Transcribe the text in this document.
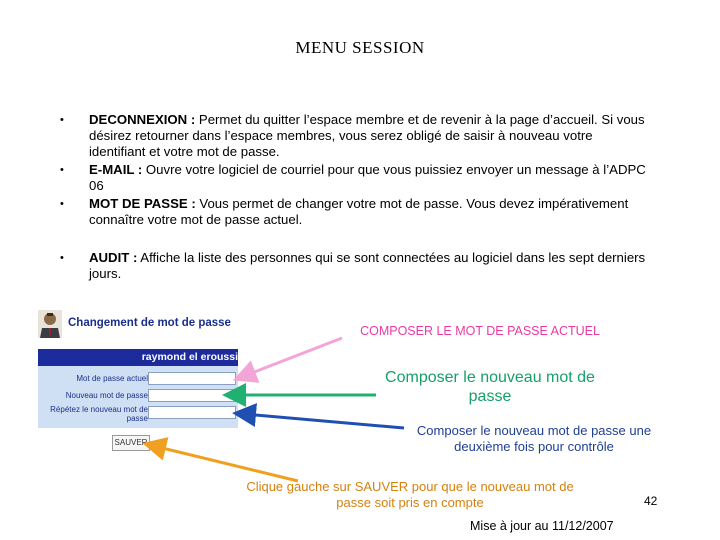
MENU SESSION
• DECONNEXION : Permet du quitter l’espace membre et de revenir à la page d’accueil. Si vous désirez retourner dans l’espace membres, vous serez obligé de saisir à nouveau votre identifiant et votre mot de passe.
• E-MAIL : Ouvre votre logiciel de courriel pour que vous puissiez envoyer un message à l’ADPC 06
• MOT DE PASSE : Vous permet de changer votre mot de passe. Vous devez impérativement connaître votre mot de passe actuel.
• AUDIT : Affiche la liste des personnes qui se sont connectées au logiciel dans les sept derniers jours.
Changement de mot de passe
raymond el eroussi
Mot de passe actuel
Nouveau mot de passe
Répétez le nouveau mot de passe
SAUVER
COMPOSER LE MOT DE PASSE ACTUEL
Composer le nouveau mot de passe
Composer le nouveau mot de passe une deuxième fois pour contrôle
Clique gauche sur SAUVER pour que le nouveau mot de passe soit pris en compte	42
Mise à jour au 11/12/2007
